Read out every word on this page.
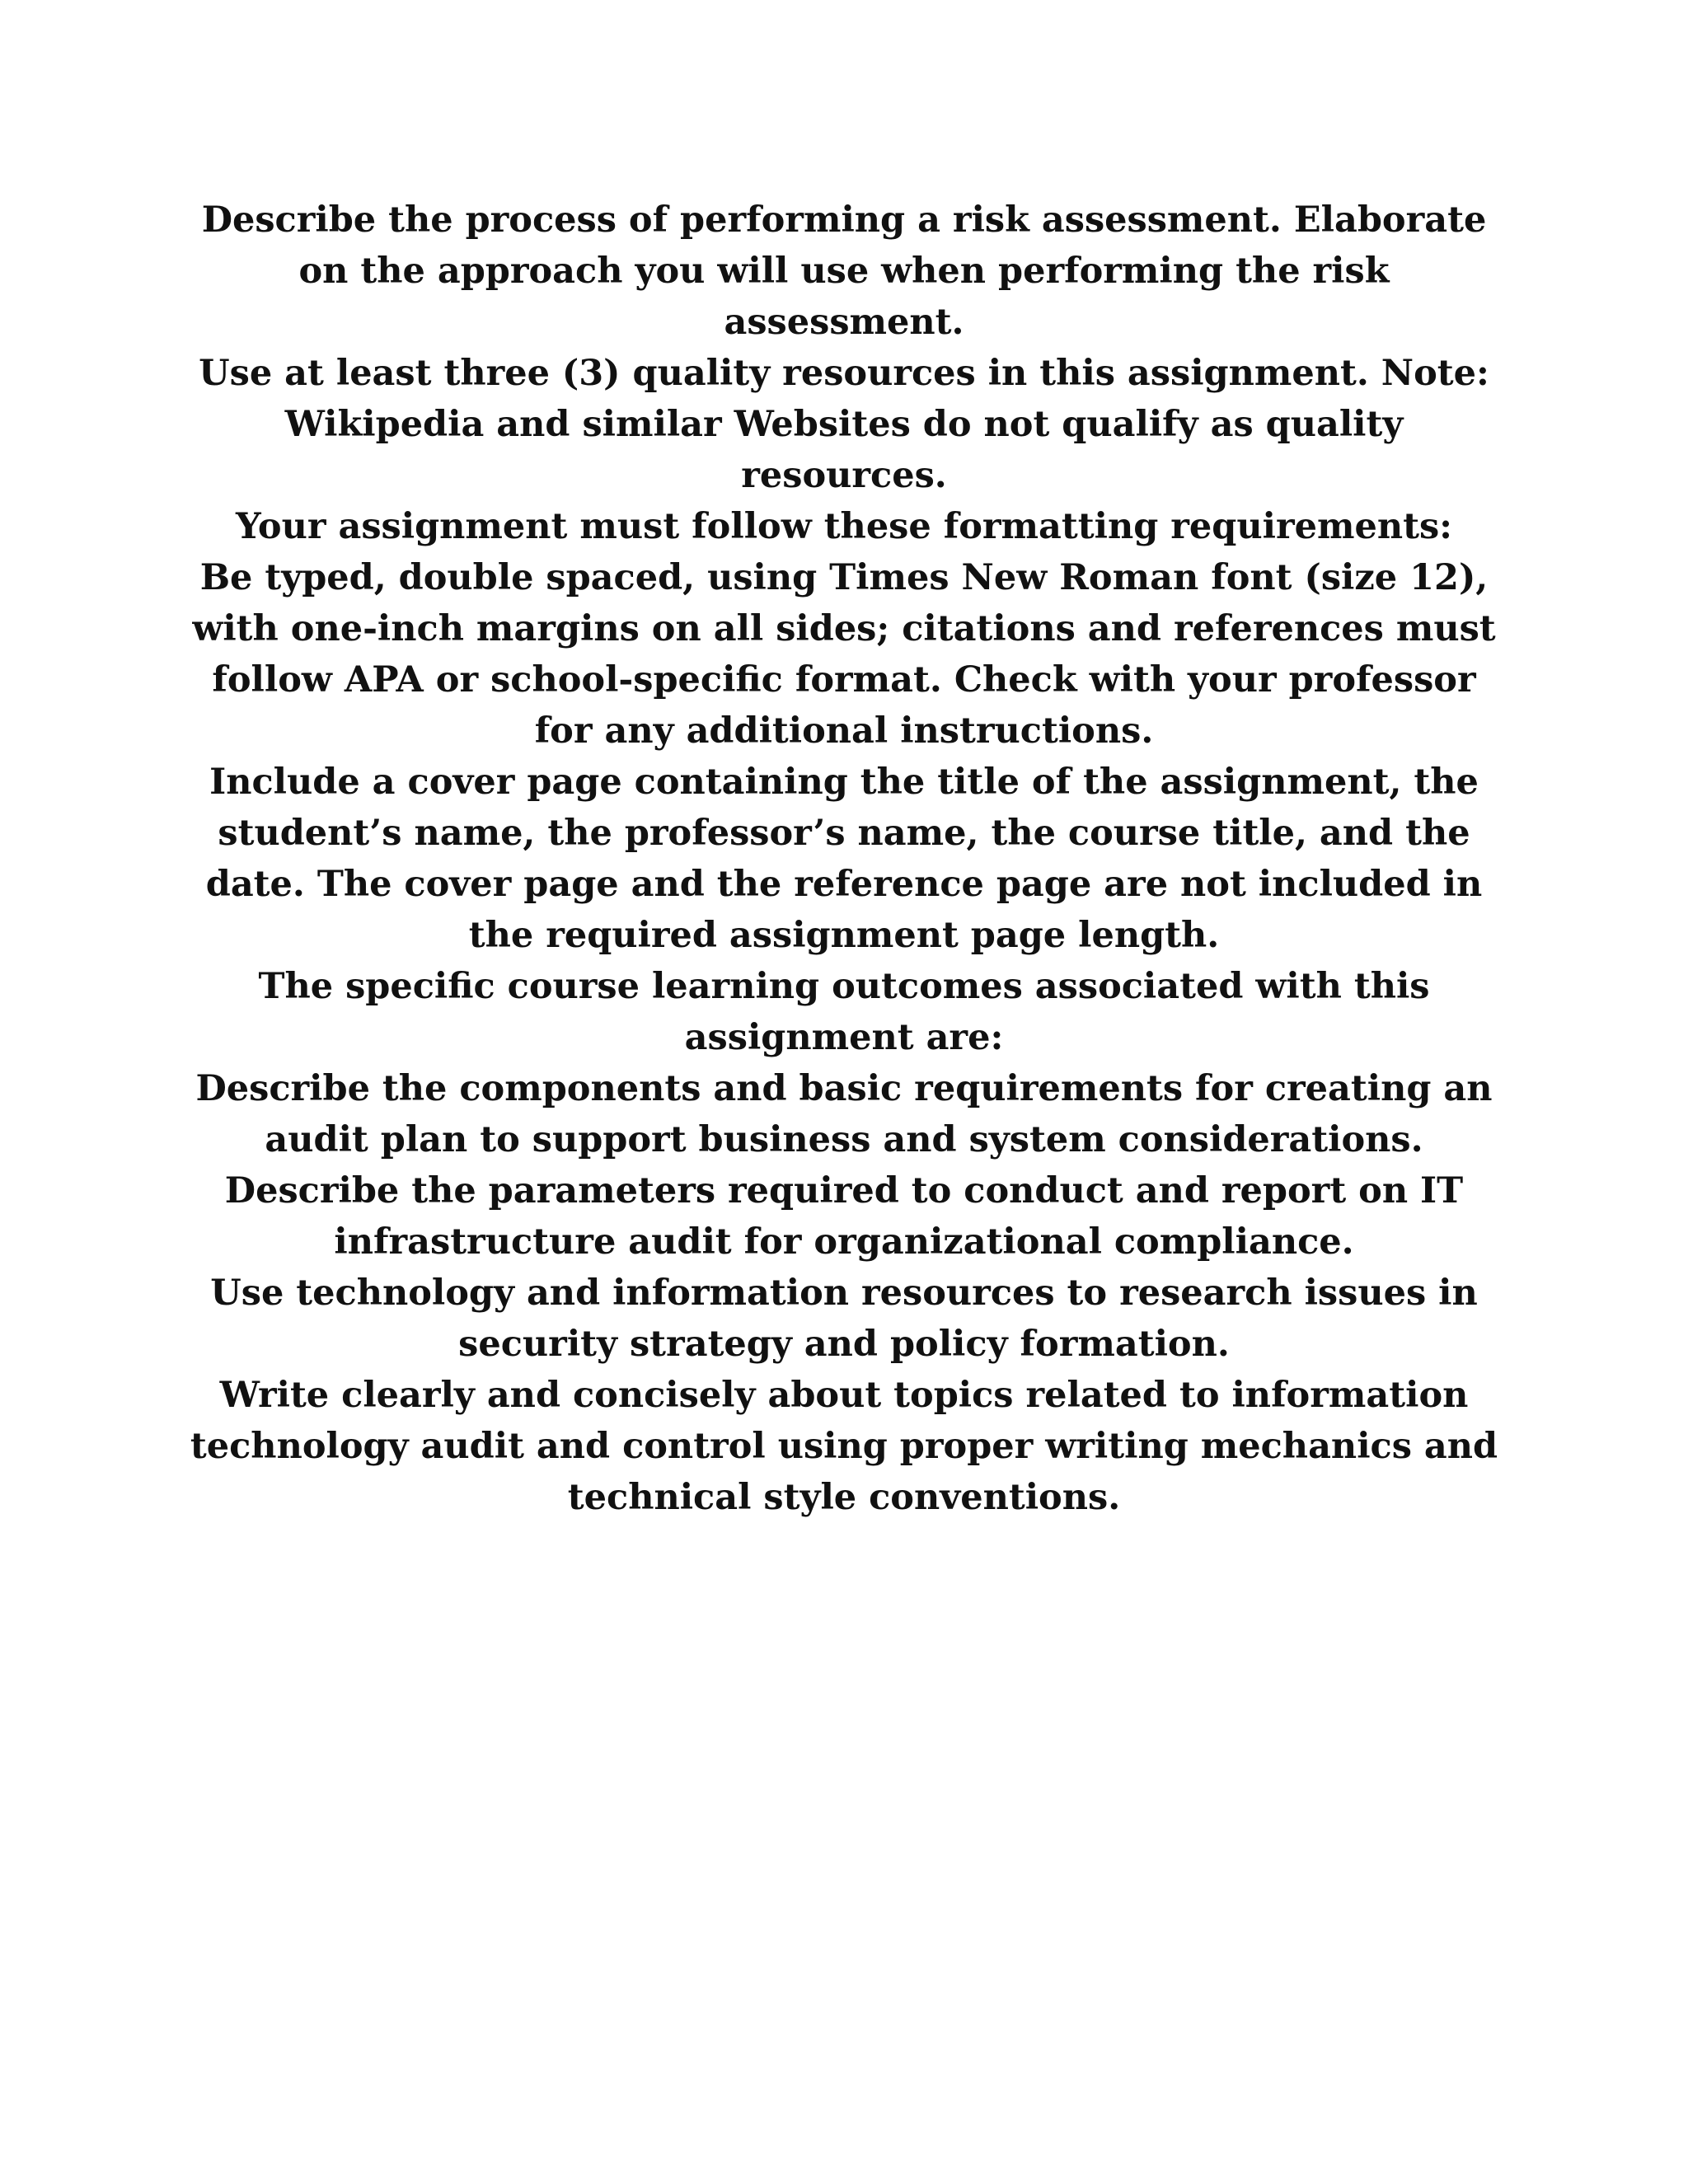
Describe the process of performing a risk assessment. Elaborate on the approach you will use when performing the risk assessment.

Use at least three (3) quality resources in this assignment. Note: Wikipedia and similar Websites do not qualify as quality resources.

Your assignment must follow these formatting requirements:

Be typed, double spaced, using Times New Roman font (size 12), with one-inch margins on all sides; citations and references must follow APA or school-specific format. Check with your professor for any additional instructions.

Include a cover page containing the title of the assignment, the student’s name, the professor’s name, the course title, and the date. The cover page and the reference page are not included in the required assignment page length.

The specific course learning outcomes associated with this assignment are:

Describe the components and basic requirements for creating an audit plan to support business and system considerations.

Describe the parameters required to conduct and report on IT infrastructure audit for organizational compliance.

Use technology and information resources to research issues in security strategy and policy formation.

Write clearly and concisely about topics related to information technology audit and control using proper writing mechanics and technical style conventions.
